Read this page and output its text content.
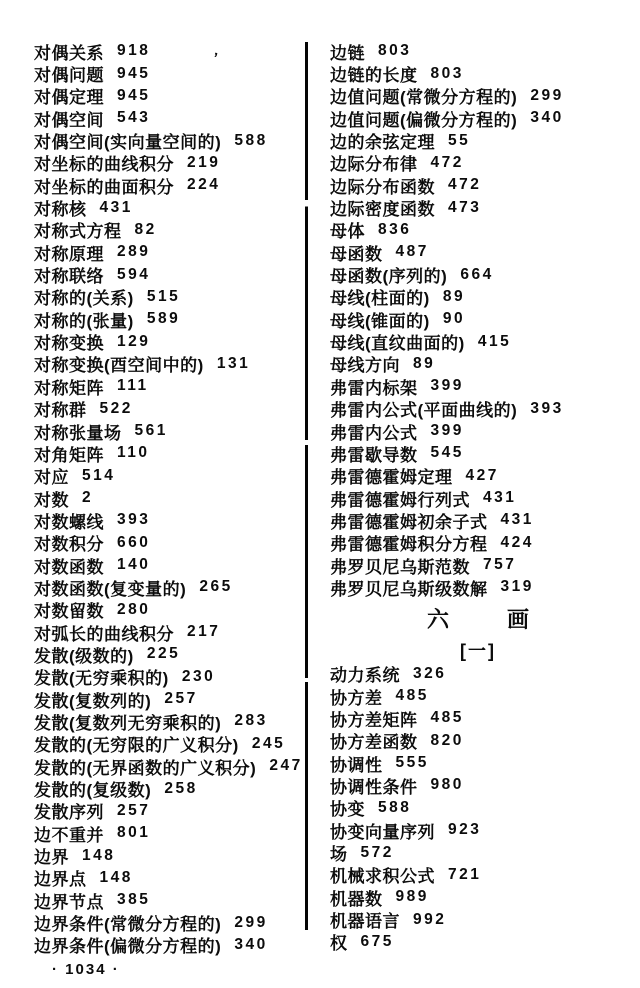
对偶关系 918
对偶问题 945
对偶定理 945
对偶空间 543
对偶空间(实向量空间的) 588
对坐标的曲线积分 219
对坐标的曲面积分 224
对称核 431
对称式方程 82
对称原理 289
对称联络 594
对称的(关系) 515
对称的(张量) 589
对称变换 129
对称变换(酉空间中的) 131
对称矩阵 111
对称群 522
对称张量场 561
对角矩阵 110
对应 514
对数 2
对数螺线 393
对数积分 660
对数函数 140
对数函数(复变量的) 265
对数留数 280
对弧长的曲线积分 217
发散(级数的) 225
发散(无穷乘积的) 230
发散(复数列的) 257
发散(复数列无穷乘积的) 283
发散的(无穷限的广义积分) 245
发散的(无界函数的广义积分) 247
发散的(复级数) 258
发散序列 257
边不重并 801
边界 148
边界点 148
边界节点 385
边界条件(常微分方程的) 299
边界条件(偏微分方程的) 340
边链 803
边链的长度 803
边值问题(常微分方程的) 299
边值问题(偏微分方程的) 340
边的余弦定理 55
边际分布律 472
边际分布函数 472
边际密度函数 473
母体 836
母函数 487
母函数(序列的) 664
母线(柱面的) 89
母线(锥面的) 90
母线(直纹曲面的) 415
母线方向 89
弗雷内标架 399
弗雷内公式(平面曲线的) 393
弗雷内公式 399
弗雷歇导数 545
弗雷德霍姆定理 427
弗雷德霍姆行列式 431
弗雷德霍姆初余子式 431
弗雷德霍姆积分方程 424
弗罗贝尼乌斯范数 757
弗罗贝尼乌斯级数解 319
六	画
[一]
动力系统 326
协方差 485
协方差矩阵 485
协方差函数 820
协调性 555
协调性条件 980
协变 588
协变向量序列 923
场 572
机械求积公式 721
机器数 989
机器语言 992
权 675
’
· 1034 ·
